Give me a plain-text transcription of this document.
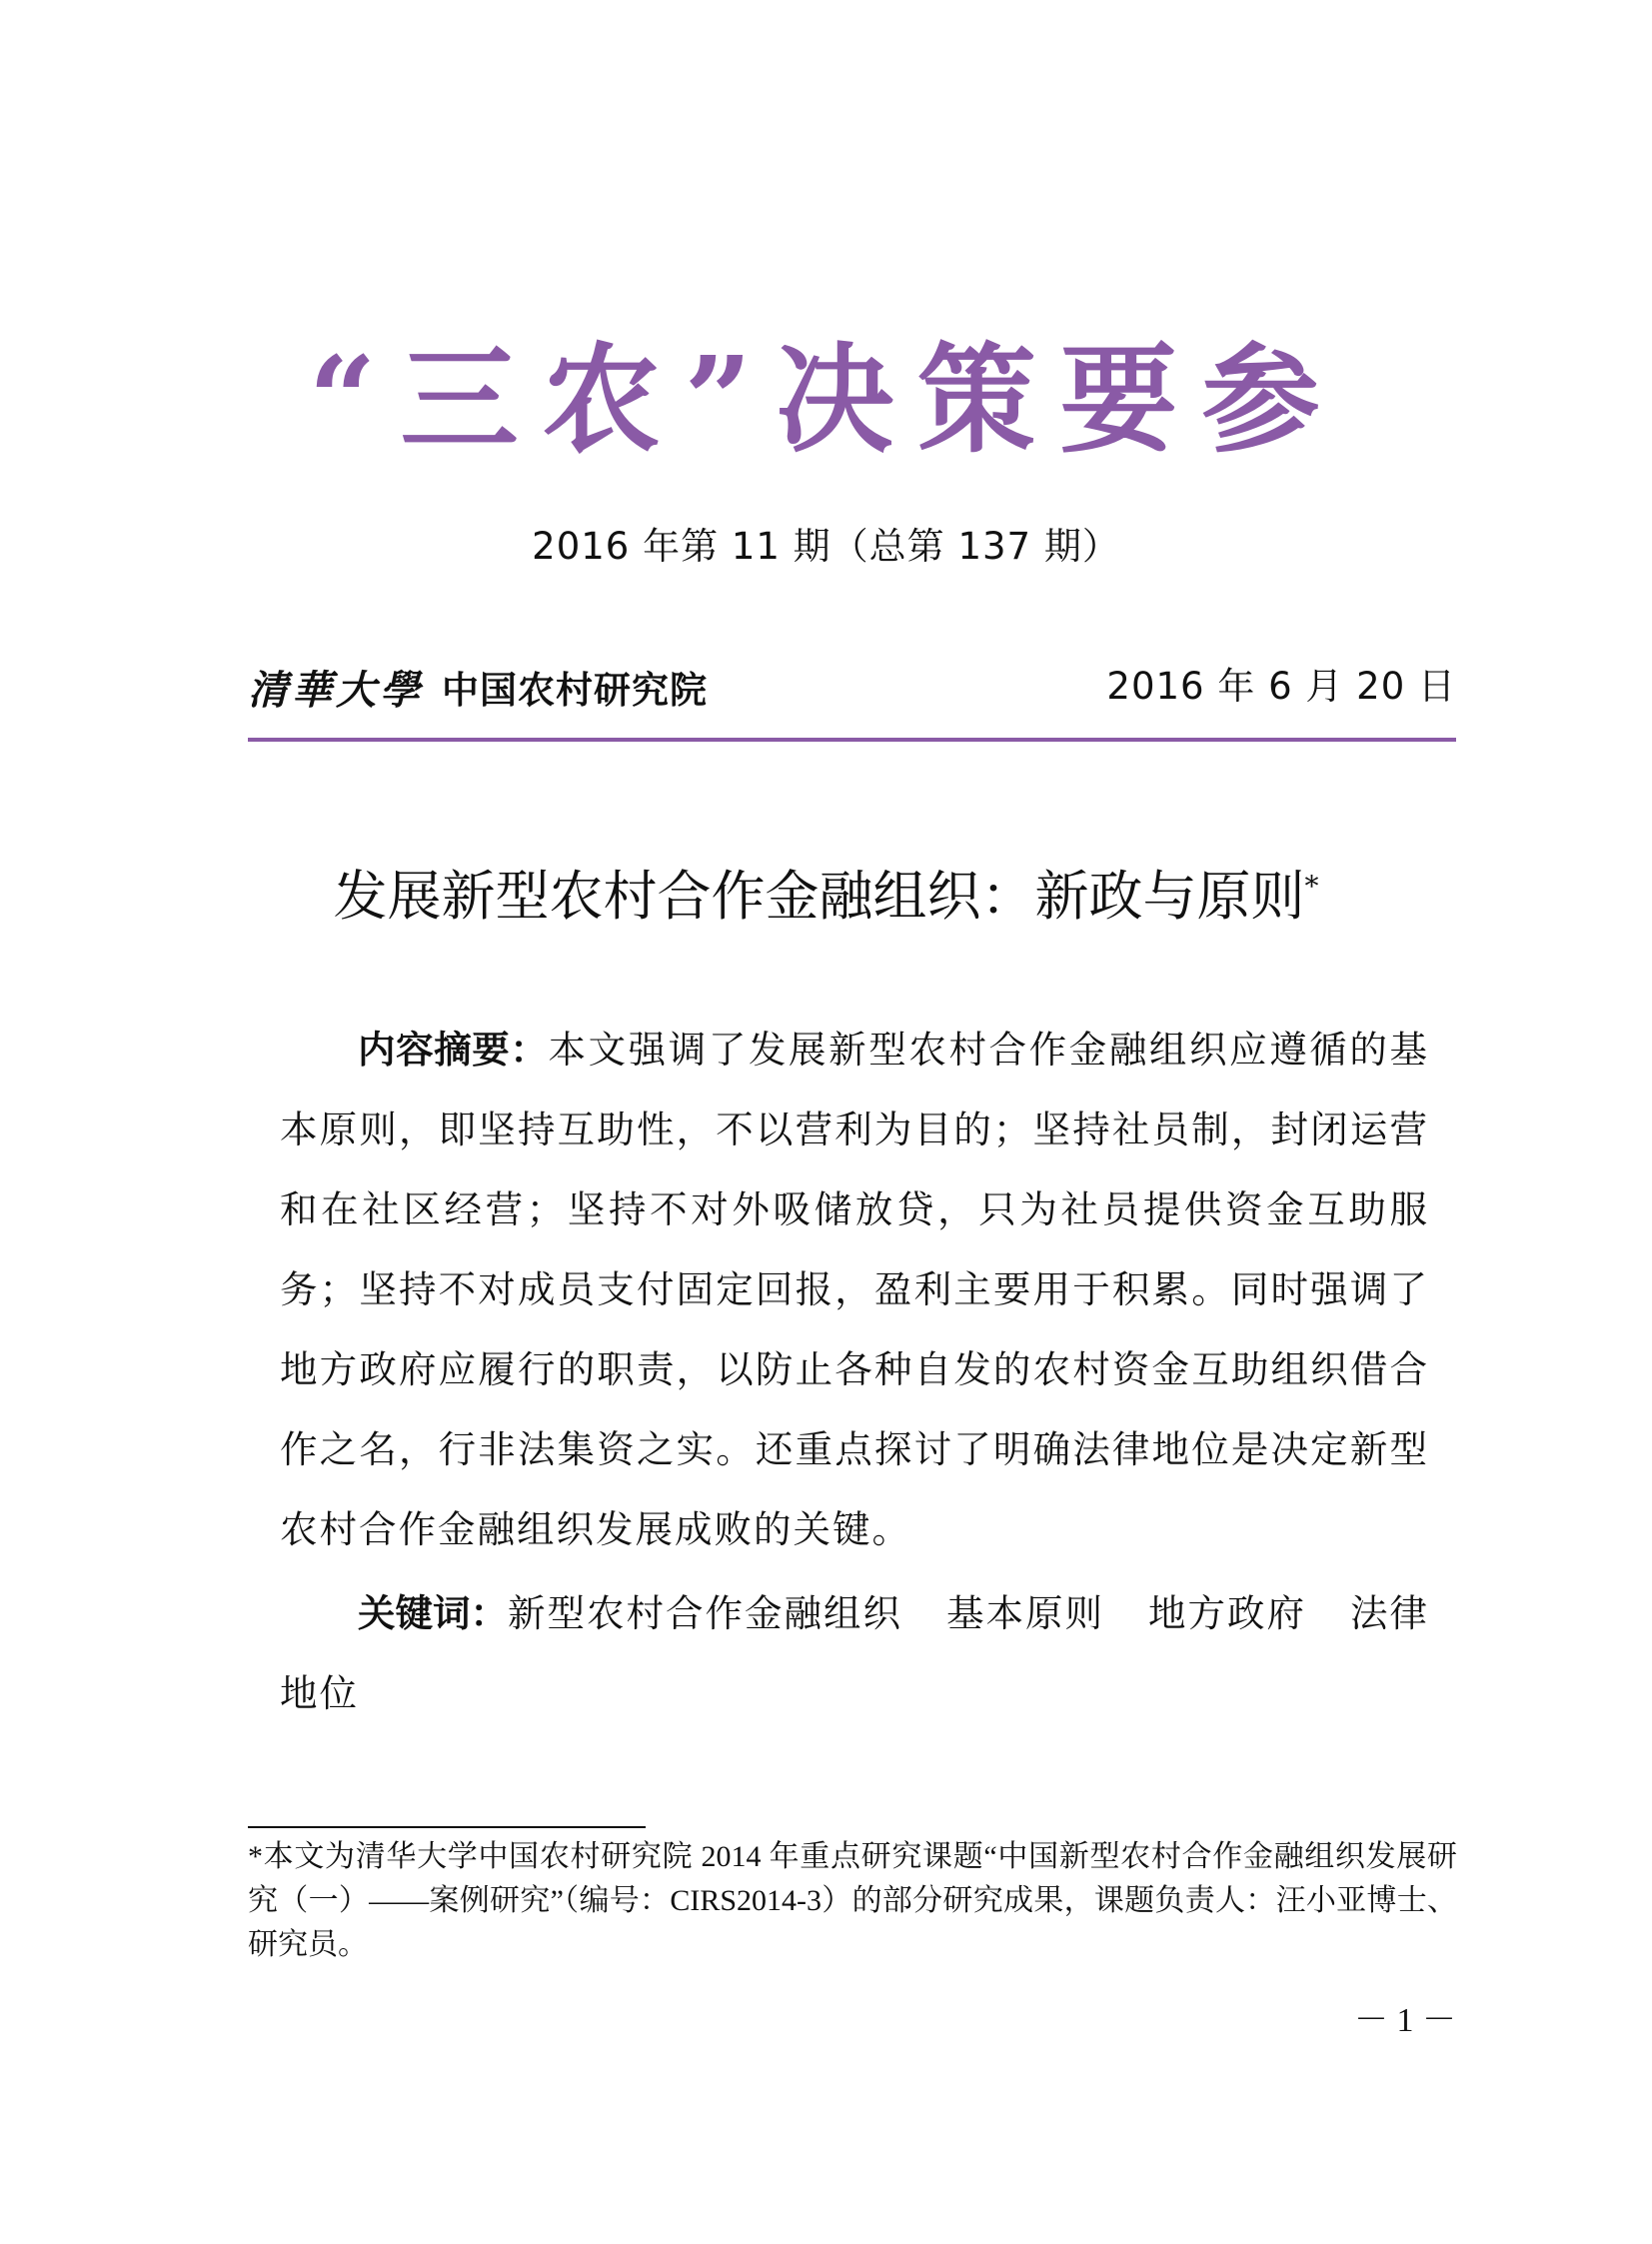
“三农”决策要参
2016 年第 11 期（总第 137 期）
清華大學 中国农村研究院	2016 年 6 月 20 日
发展新型农村合作金融组织：新政与原则*

内容摘要：本文强调了发展新型农村合作金融组织应遵循的基本原则，即坚持互助性，不以营利为目的；坚持社员制，封闭运营和在社区经营；坚持不对外吸储放贷，只为社员提供资金互助服务；坚持不对成员支付固定回报，盈利主要用于积累。同时强调了地方政府应履行的职责，以防止各种自发的农村资金互助组织借合作之名，行非法集资之实。还重点探讨了明确法律地位是决定新型农村合作金融组织发展成败的关键。

关键词：新型农村合作金融组织 基本原则 地方政府 法律地位

*本文为清华大学中国农村研究院 2014 年重点研究课题“中国新型农村合作金融组织发展研究（一）——案例研究”（编号：CIRS2014-3）的部分研究成果，课题负责人：汪小亚博士、研究员。

－ 1 －
